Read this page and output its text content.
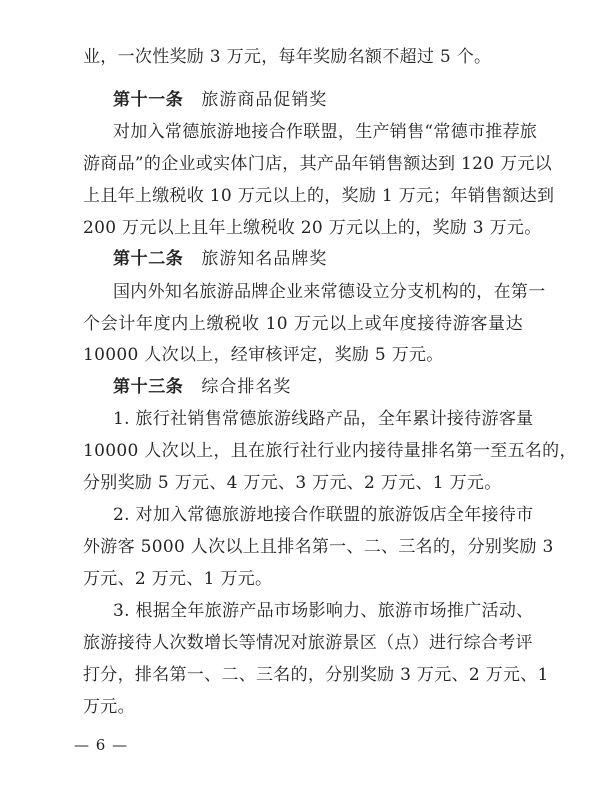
业，一次性奖励 3 万元，每年奖励名额不超过 5 个。
第十一条 旅游商品促销奖
对加入常德旅游地接合作联盟，生产销售“常德市推荐旅
游商品”的企业或实体门店，其产品年销售额达到 120 万元以
上且年上缴税收 10 万元以上的，奖励 1 万元；年销售额达到
200 万元以上且年上缴税收 20 万元以上的，奖励 3 万元。
第十二条 旅游知名品牌奖
国内外知名旅游品牌企业来常德设立分支机构的，在第一
个会计年度内上缴税收 10 万元以上或年度接待游客量达
10000 人次以上，经审核评定，奖励 5 万元。
第十三条 综合排名奖
1. 旅行社销售常德旅游线路产品，全年累计接待游客量
10000 人次以上，且在旅行社行业内接待量排名第一至五名的，
分别奖励 5 万元、4 万元、3 万元、2 万元、1 万元。
2. 对加入常德旅游地接合作联盟的旅游饭店全年接待市
外游客 5000 人次以上且排名第一、二、三名的，分别奖励 3
万元、2 万元、1 万元。
3. 根据全年旅游产品市场影响力、旅游市场推广活动、
旅游接待人次数增长等情况对旅游景区（点）进行综合考评
打分，排名第一、二、三名的，分别奖励 3 万元、2 万元、1
万元。
— 6 —
